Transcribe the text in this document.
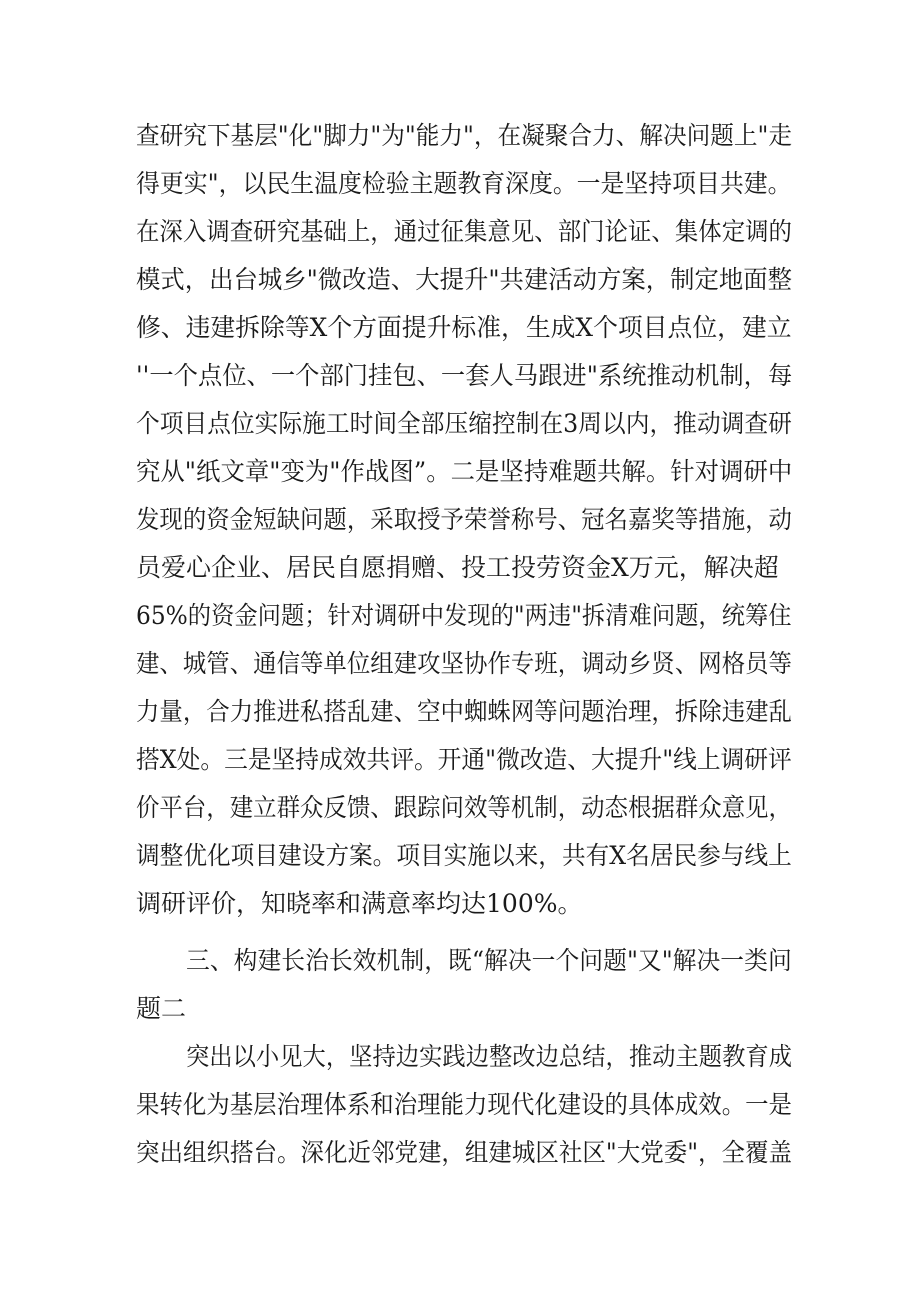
查研究下基层"化"脚力"为"能力"，在凝聚合力、解决问题上"走
得更实"，以民生温度检验主题教育深度。一是坚持项目共建。
在深入调查研究基础上，通过征集意见、部门论证、集体定调的
模式，出台城乡"微改造、大提升"共建活动方案，制定地面整
修、违建拆除等X个方面提升标准，生成X个项目点位，建立
''一个点位、一个部门挂包、一套人马跟进"系统推动机制，每
个项目点位实际施工时间全部压缩控制在3周以内，推动调查研
究从"纸文章"变为"作战图”。二是坚持难题共解。针对调研中
发现的资金短缺问题，采取授予荣誉称号、冠名嘉奖等措施，动
员爱心企业、居民自愿捐赠、投工投劳资金X万元，解决超
65%的资金问题；针对调研中发现的"两违"拆清难问题，统筹住
建、城管、通信等单位组建攻坚协作专班，调动乡贤、网格员等
力量，合力推进私搭乱建、空中蜘蛛网等问题治理，拆除违建乱
搭X处。三是坚持成效共评。开通"微改造、大提升"线上调研评
价平台，建立群众反馈、跟踪问效等机制，动态根据群众意见，
调整优化项目建设方案。项目实施以来，共有X名居民参与线上
调研评价，知晓率和满意率均达100%。
三、构建长治长效机制，既“解决一个问题"又"解决一类问
题二
突出以小见大，坚持边实践边整改边总结，推动主题教育成
果转化为基层治理体系和治理能力现代化建设的具体成效。一是
突出组织搭台。深化近邻党建，组建城区社区"大党委"，全覆盖
